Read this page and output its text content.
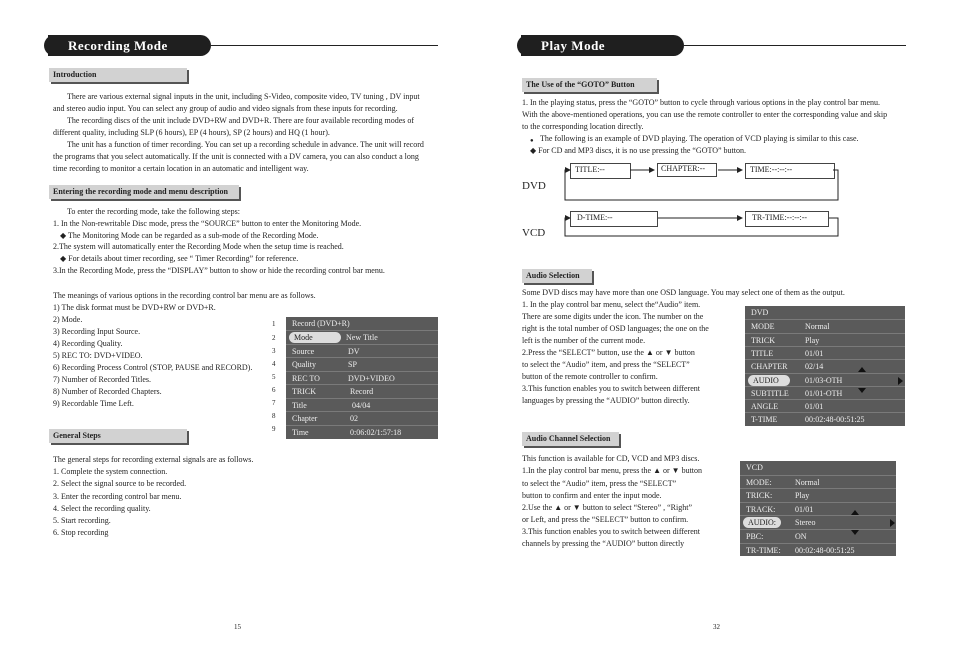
Recording Mode
Introduction
There are various external signal inputs in the unit, including S-Video, composite video, TV tuning , DV input
and stereo audio input. You can select any group of audio and video signals from these inputs for recording.
The recording discs of the unit include DVD+RW and DVD+R. There are four available recording modes of
different quality, including SLP (6 hours), EP (4 hours), SP (2 hours) and HQ (1 hour).
The unit has a function of timer recording. You can set up a recording schedule in advance. The unit will record
the programs that you select automatically. If the unit is connected with a DV camera, you can also conduct a long
time recording to monitor a certain location in an automatic and intelligent way.
Entering the recording mode and menu description
To enter the recording mode, take the following steps:
1. In the Non-rewritable Disc mode, press the “SOURCE” button to enter the Monitoring Mode.
◆ The Monitoring Mode can be regarded as a sub-mode of the Recording Mode.
2.The system will automatically enter the Recording Mode when the setup time is reached.
◆ For details about timer recording, see “ Timer Recording” for reference.
3.In the Recording Mode, press the “DISPLAY” button to show or hide the recording control bar menu.
The meanings of various options in the recording control bar menu are as follows.
1) The disk format must be DVD+RW or DVD+R.
2) Mode.
3) Recording Input Source.
4) Recording Quality.
5) REC TO: DVD+VIDEO.
6) Recording Process Control (STOP, PAUSE and RECORD).
7) Number of Recorded Titles.
8) Number of Recorded Chapters.
9) Recordable Time Left.
1
2
3
4
5
6
7
8
9
Record (DVD+R)
Mode	New Title
Source	DV
Quality	SP
REC TO	DVD+VIDEO
TRICK	Record
Title	04/04
Chapter	02
Time	0:06:02/1:57:18
General Steps
The general steps for recording external signals are as follows.
1. Complete the system connection.
2. Select the signal source to be recorded.
3. Enter the recording control bar menu.
4. Select the recording quality.
5. Start recording.
6. Stop recording
15
Play Mode
The Use of the “GOTO” Button
1. In the playing status, press the “GOTO” button to cycle through various options in the play control bar menu.
With the above-mentioned operations, you can use the remote controller to enter the corresponding value and skip
to the corresponding location directly.
● The following is an example of DVD playing. The operation of VCD playing is similar to this case.
◆ For CD and MP3 discs, it is no use pressing the “GOTO” button.
DVD
VCD
TITLE:--	CHAPTER:--	TIME:--:--:--
D-TIME:--	TR-TIME:--:--:--
Audio Selection
Some DVD discs may have more than one OSD language. You may select one of them as the output.
1. In the play control bar menu, select the“Audio” item.
There are some digits under the icon. The number on the
right is the total number of OSD languages; the one on the
left is the number of the current mode.
2.Press the “SELECT” button, use the ▲ or ▼ button
to select the “Audio” item, and press the “SELECT”
button of the remote controller to confirm.
3.This function enables you to switch between different
languages by pressing the “AUDIO” button directly.
DVD
MODE	Normal
TRICK	Play
TITLE	01/01
CHAPTER 02/14
AUDIO	01/03-OTH
SUBTITLE 01/01-OTH
ANGLE	01/01
T-TIME	00:02:48-00:51:25
Audio Channel Selection
This function is available for CD, VCD and MP3 discs.
1.In the play control bar menu, press the ▲ or ▼ button
to select the “Audio” item, press the “SELECT”
button to confirm and enter the input mode.
2.Use the ▲ or ▼ button to select “Stereo” , “Right”
or Left, and press the “SELECT” button to confirm.
3.This function enables you to switch between different
channels by pressing the “AUDIO” button directly
VCD
MODE:	Normal
TRICK:	Play
TRACK: 01/01
AUDIO:	Stereo
PBC:	ON
TR-TIME: 00:02:48-00:51:25
32
